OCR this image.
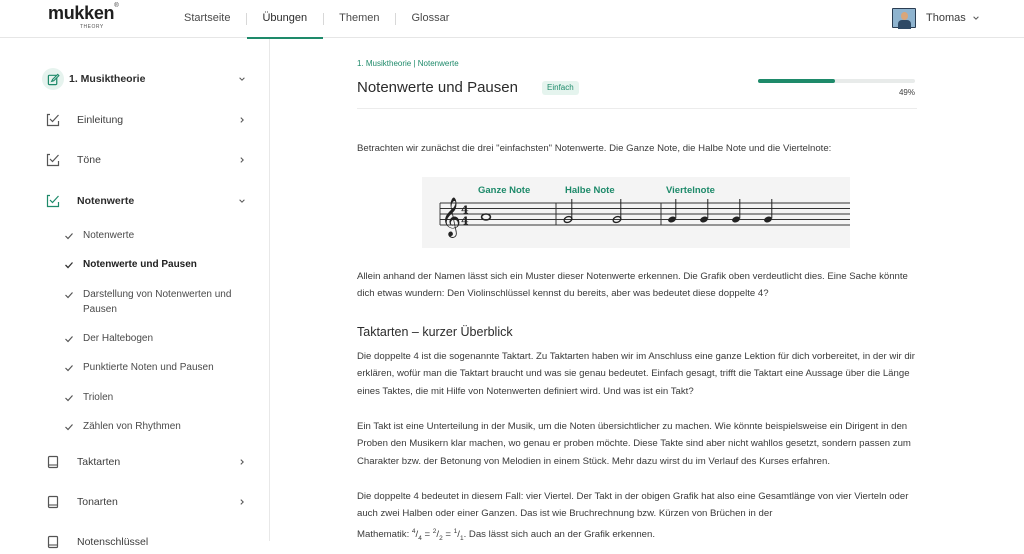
mukken®
THEORY
Startseite	Übungen	Themen	Glossar	Thomas
1. Musiktheorie
Einleitung
Töne
Notenwerte
Notenwerte
Notenwerte und Pausen
Darstellung von Notenwerten und Pausen
Der Haltebogen
Punktierte Noten und Pausen
Triolen
Zählen von Rhythmen
Taktarten
Tonarten
Notenschlüssel
1. Musiktheorie | Notenwerte
Notenwerte und Pausen	Einfach
49%
Betrachten wir zunächst die drei "einfachsten" Notenwerte. Die Ganze Note, die Halbe Note und die Viertelnote:
𝄞 4
4
Ganze Note	Halbe Note	Viertelnote
Allein anhand der Namen lässt sich ein Muster dieser Notenwerte erkennen. Die Grafik oben verdeutlicht dies. Eine Sache könnte dich etwas wundern: Den Violinschlüssel kennst du bereits, aber was bedeutet diese doppelte 4?
Taktarten – kurzer Überblick
Die doppelte 4 ist die sogenannte Taktart. Zu Taktarten haben wir im Anschluss eine ganze Lektion für dich vorbereitet, in der wir dir erklären, wofür man die Taktart braucht und was sie genau bedeutet. Einfach gesagt, trifft die Taktart eine Aussage über die Länge eines Taktes, die mit Hilfe von Notenwerten definiert wird. Und was ist ein Takt?
Ein Takt ist eine Unterteilung in der Musik, um die Noten übersichtlicher zu machen. Wie könnte beispielsweise ein Dirigent in den Proben den Musikern klar machen, wo genau er proben möchte. Diese Takte sind aber nicht wahllos gesetzt, sondern passen zum Charakter bzw. der Betonung von Melodien in einem Stück. Mehr dazu wirst du im Verlauf des Kurses erfahren.
Die doppelte 4 bedeutet in diesem Fall: vier Viertel. Der Takt in der obigen Grafik hat also eine Gesamtlänge von vier Vierteln oder auch zwei Halben oder einer Ganzen. Das ist wie Bruchrechnung bzw. Kürzen von Brüchen in der
Mathematik: $^4/_4 = ^2/_2 = ^1/_1$. Das lässt sich auch an der Grafik erkennen.
